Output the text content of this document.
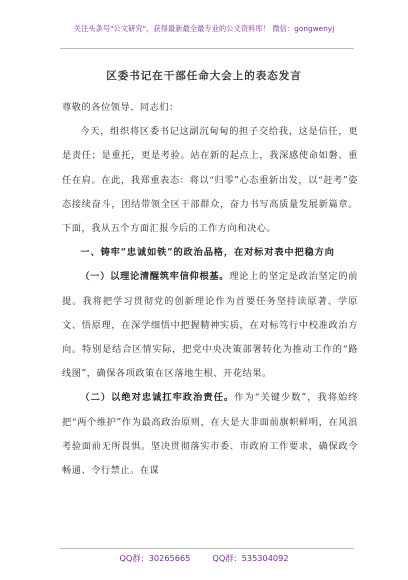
关注头条号"公文研究"，获得最新最全最专业的公文资料库！ 微信：gongwenyj
区委书记在干部任命大会上的表态发言

尊敬的各位领导、同志们：

今天，组织将区委书记这副沉甸甸的担子交给我，这是信任，更是责任；是重托，更是考验。站在新的起点上，我深感使命如磐、重任在肩。在此，我郑重表态：将以“归零”心态重新出发，以“赶考”姿态接续奋斗，团结带领全区干部群众，奋力书写高质量发展新篇章。下面，我从五个方面汇报今后的工作方向和决心。

一、铸牢“忠诚如铁”的政治品格，在对标对表中把稳方向

（一）以理论清醒筑牢信仰根基。理论上的坚定是政治坚定的前提。我将把学习贯彻党的创新理论作为首要任务坚持读原著、学原文、悟原理，在深学细悟中把握精神实质，在对标笃行中校准政治方向。特别是结合区情实际，把党中央决策部署转化为推动工作的“路线图”，确保各项政策在区落地生根、开花结果。

（二）以绝对忠诚扛牢政治责任。作为“关键少数”，我将始终把“两个维护”作为最高政治原则，在大是大非面前旗帜鲜明，在风浪考验面前无所畏惧。坚决贯彻落实市委、市政府工作要求，确保政令畅通、令行禁止。在谋

QQ群：30265665	QQ群：535304092
